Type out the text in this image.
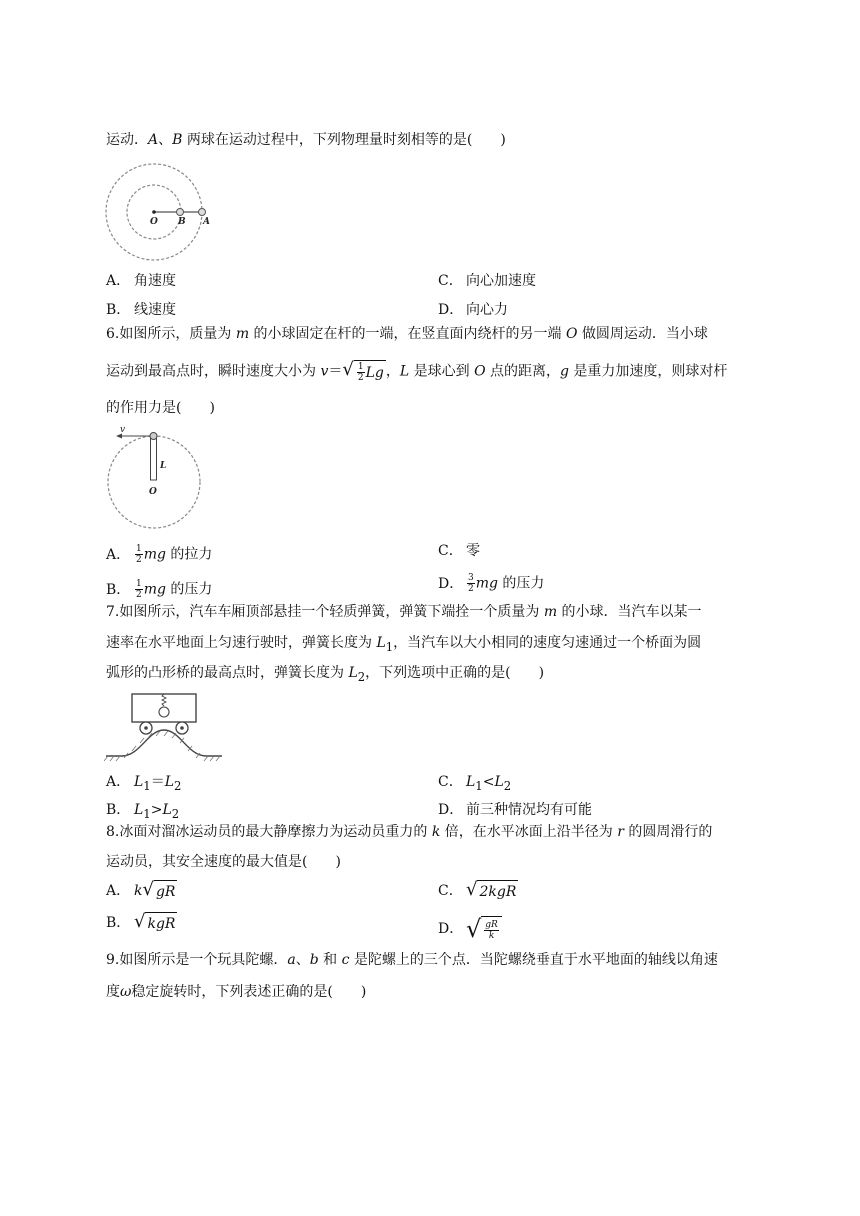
运动．A、B 两球在运动过程中，下列物理量时刻相等的是(　　)
O B A
A． 角速度	C． 向心加速度
B． 线速度	D． 向心力
6.如图所示，质量为 m 的小球固定在杆的一端，在竖直面内绕杆的另一端 O 做圆周运动．当小球
运动到最高点时，瞬时速度大小为 v＝ √ $\frac{1}{2}$ Lg ，L 是球心到 O 点的距离，g 是重力加速度，则球对杆
的作用力是(　　)
v
L
O
A． $\frac{1}{2}$ mg 的拉力	C． 零
B． $\frac{1}{2}$ mg 的压力	D． $\frac{3}{2}$ mg 的压力
7.如图所示，汽车车厢顶部悬挂一个轻质弹簧，弹簧下端拴一个质量为 m 的小球．当汽车以某一
速率在水平地面上匀速行驶时，弹簧长度为 $L_1$，当汽车以大小相同的速度匀速通过一个桥面为圆
弧形的凸形桥的最高点时，弹簧长度为 $L_2$，下列选项中正确的是(　　)
A． $L_1=L_2$	C． $L_1<L_2$
B． $L_1>L_2$	D． 前三种情况均有可能
8.冰面对溜冰运动员的最大静摩擦力为运动员重力的 k 倍，在水平冰面上沿半径为 r 的圆周滑行的
运动员，其安全速度的最大值是(　　)
A． k √ gR	C． √ 2kgR
B． √ kgR	D． √ $\frac{gR}{k}$
9.如图所示是一个玩具陀螺．a、b 和 c 是陀螺上的三个点．当陀螺绕垂直于水平地面的轴线以角速
度ω稳定旋转时，下列表述正确的是(　　)
